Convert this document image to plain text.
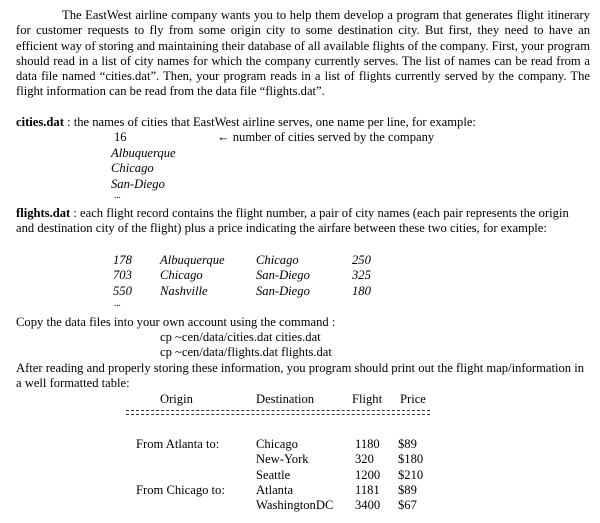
The EastWest airline company wants you to help them develop a program that generates flight itinerary for customer requests to fly from some origin city to some destination city. But first, they need to have an efficient way of storing and maintaining their database of all available flights of the company. First, your program should read in a list of city names for which the company currently serves. The list of names can be read from a data file named “cities.dat”. Then, your program reads in a list of flights currently served by the company. The flight information can be read from the data file “flights.dat”.
cities.dat : the names of cities that EastWest airline serves, one name per line, for example:
16	← number of cities served by the company
Albuquerque
Chicago
San-Diego
...
flights.dat : each flight record contains the flight number, a pair of city names (each pair represents the origin and destination city of the flight) plus a price indicating the airfare between these two cities, for example:
178 Albuquerque Chicago	250
703 Chicago	San-Diego	325
550 Nashville	San-Diego	180
...
Copy the data files into your own account using the command :
cp ~cen/data/cities.dat cities.dat
cp ~cen/data/flights.dat flights.dat
After reading and properly storing these information, you program should print out the flight map/information in a well formatted table:
Origin	Destination	Flight Price
From Atlanta to:	Chicago	1180 $89
New-York	320 $180
Seattle	1200 $210
From Chicago to: Atlanta	1181 $89
WashingtonDC 3400 $67
